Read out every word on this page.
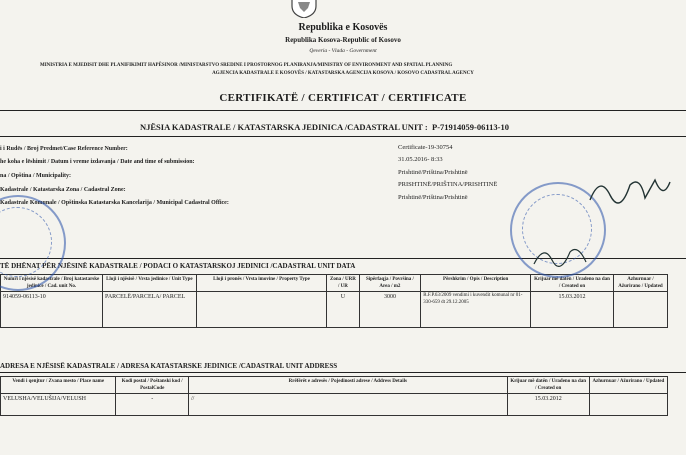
Republika e Kosovës
Republika Kosova-Republic of Kosovo
Qeveria - Vlada - Government
MINISTRIA E MJEDISIT DHE PLANIFIKIMIT HAPËSINOR /MINISTARSTVO SREDINE I PROSTORNOG PLANIRANJA/MINISTRY OF ENVIRONMENT AND SPATIAL PLANNING
AGJENCIA KADASTRALE E KOSOVËS / KATASTARSKA AGENCIJA KOSOVA / KOSOVO CADASTRAL AGENCY
CERTIFIKATË / CERTIFICAT / CERTIFICATE
NJËSIA KADASTRALE / KATASTARSKA JEDINICA /CADASTRAL UNIT : P-71914059-06113-10
i i Rudës / Broj Predmet/Case Reference Number:	Certificate-19-30754
he koha e lëshimit / Datum i vreme izdavanja / Date and time of submission:	31.05.2016- 8:33
na / Opština / Municipality:	Prishtinë/Priština/Prishtinë
Kadastrale / Katastarska Zona / Cadastral Zone:
PRISHTINË/PRIŠTINA/PRISHTINË
Kadastrale Komunale / Opštinska Katastarska Kancelarija / Municipal Cadastral Office:
Prishtinë/Priština/Prishtinë
TË DHËNAT PËR NJËSINË KADASTRALE / PODACI O KATASTARSKOJ JEDINICI /CADASTRAL UNIT DATA
Numri i njësisë kadastrale / Broj katastarske jedinice / Cad. unit No.	Lloji i njësisë / Vrsta jedinice / Unit Type	Lloji i pronës / Vrsta imovine / Property Type	Zona / URR / UR	Sipërfaqja / Površina / Area / m2	Përshkrim / Opis / Description	Krijuar më datën / Uradeno na dan / Created on	Azhurnuar / Ažurirano / Updated
914059-06113-10	PARCELË/PARCELA/ PARCEL		U	3000	R.F.P.63/2009 vendimi i kuvendit komunal nr 01-330-659 dt 29.12.2005	15.03.2012	
ADRESA E NJËSISË KADASTRALE / ADRESA KATASTARSKE JEDINICE /CADASTRAL UNIT ADDRESS
Vendi i qenjtur / Zvana mesto / Place name	Kodi postal / Poštanski kod / PostalCode	Rrëfërët e adresës / Pojedinosti adrese / Address Details	Krijuar më datën / Urađeno na dan / Created on	Azhurnuar / Ažurirano / Updated
VELUSHA/VELUŠIJA/VELUSH	-	//	15.03.2012	
